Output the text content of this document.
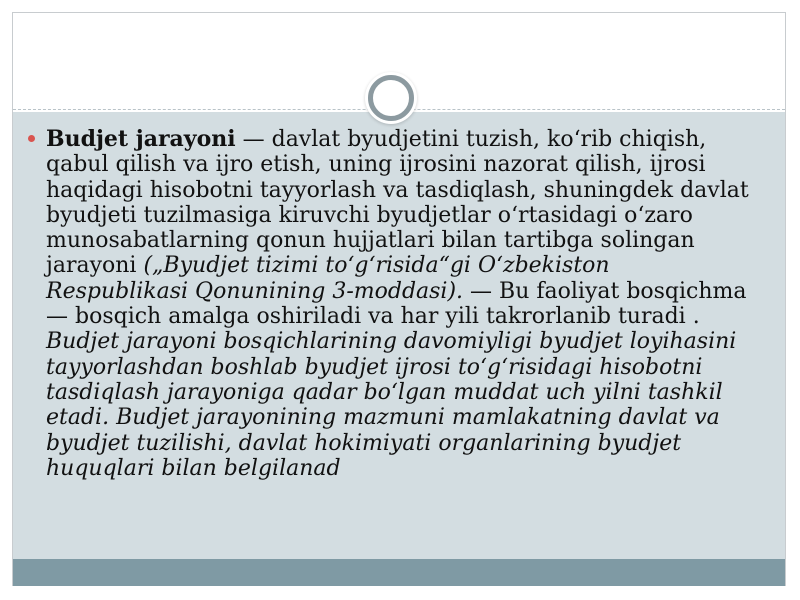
Budjet jarayoni — davlat byudjetini tuzish, ko‘rib chiqish, qabul qilish va ijro etish, uning ijrosini nazorat qilish, ijrosi haqidagi hisobotni tayyorlash va tasdiqlash, shuningdek davlat byudjeti tuzilmasiga kiruvchi byudjetlar o‘rtasidagi o‘zaro munosabatlarning qonun hujjatlari bilan tartibga solingan jarayoni („Byudjet tizimi to‘g‘risida“gi O‘zbekiston Respublikasi Qonunining 3-moddasi). — Bu faoliyat bosqichma — bosqich amalga oshiriladi va har yili takrorlanib turadi . Budjet jarayoni bosqichlarining davomiyligi byudjet loyihasini tayyorlashdan boshlab byudjet ijrosi to‘g‘risidagi hisobotni tasdiqlash jarayoniga qadar bo‘lgan muddat uch yilni tashkil etadi. Budjet jarayonining mazmuni mamlakatning davlat va byudjet tuzilishi, davlat hokimiyati organlarining byudjet huquqlari bilan belgilanad
